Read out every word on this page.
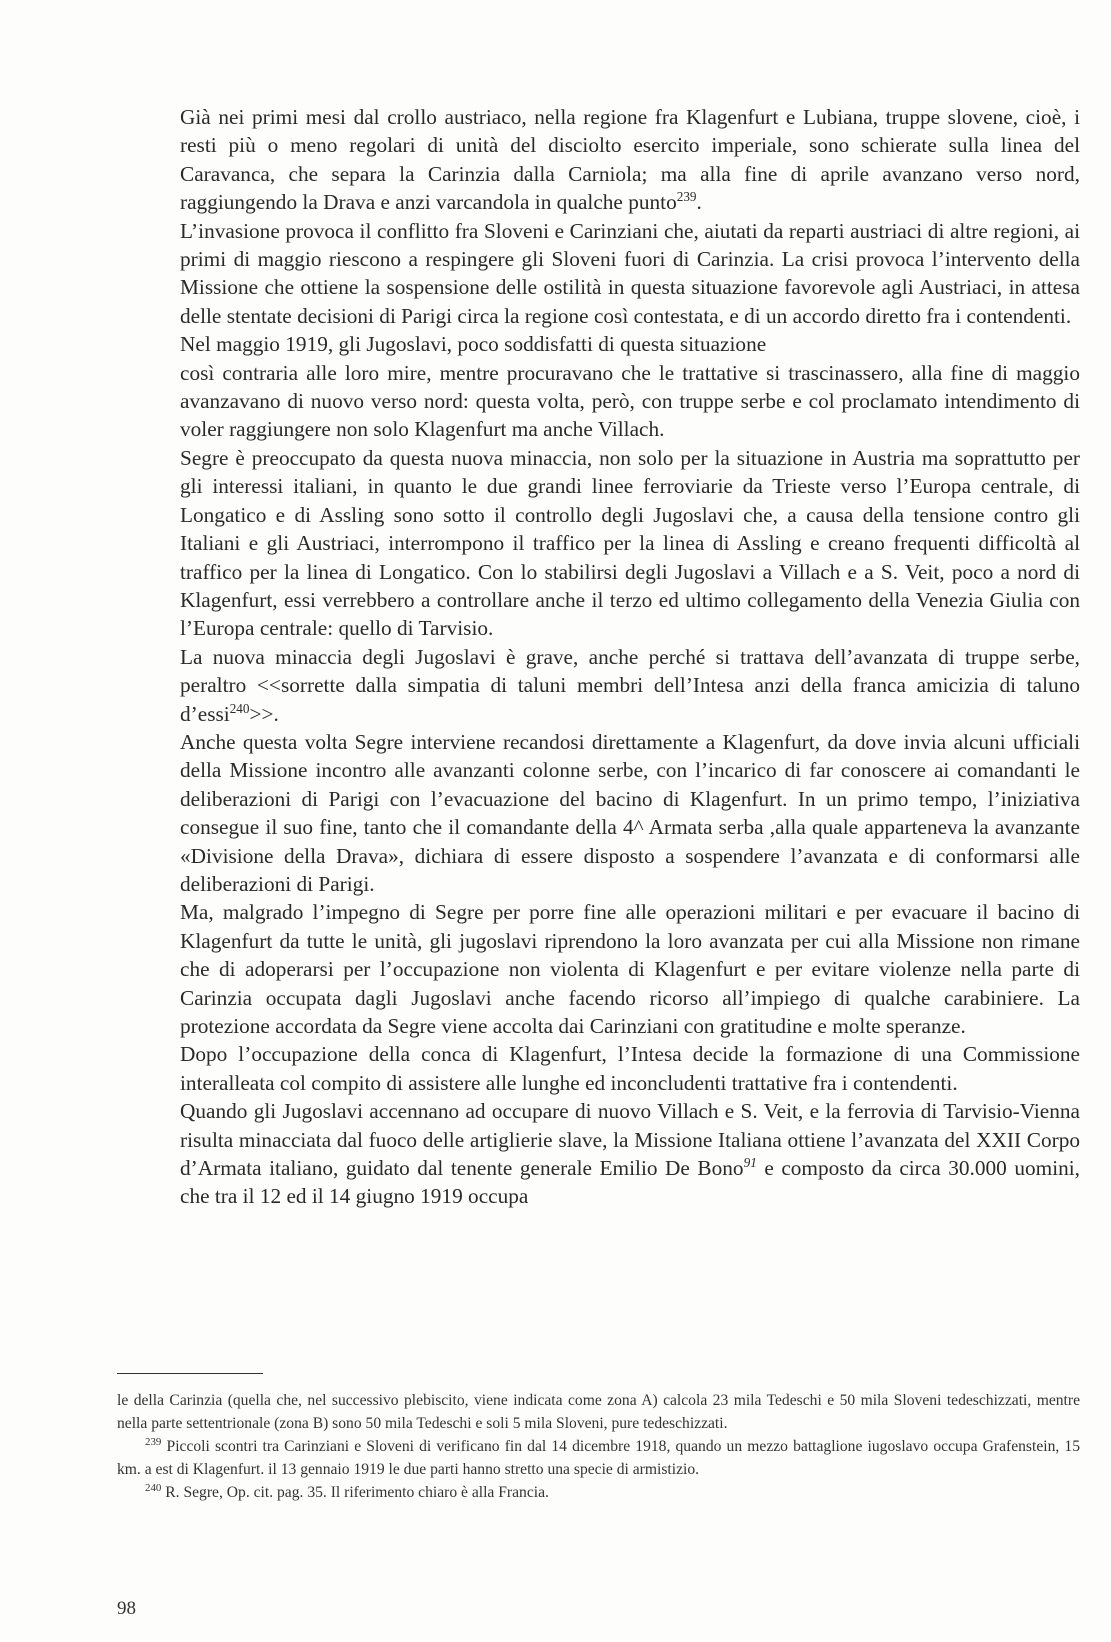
Già nei primi mesi dal crollo austriaco, nella regione fra Klagenfurt e Lubiana, truppe slovene, cioè, i resti più o meno regolari di unità del disciolto esercito imperiale, sono schierate sulla linea del Caravanca, che separa la Carinzia dalla Carniola; ma alla fine di aprile avanzano verso nord, raggiungendo la Drava e anzi varcandola in qualche punto$^{239}$.

L’invasione provoca il conflitto fra Sloveni e Carinziani che, aiutati da reparti austriaci di altre regioni, ai primi di maggio riescono a respingere gli Sloveni fuori di Carinzia. La crisi provoca l’intervento della Missione che ottiene la sospensione delle ostilità in questa situazione favorevole agli Austriaci, in attesa delle stentate decisioni di Parigi circa la regione così contestata, e di un accordo diretto fra i contendenti.

Nel maggio 1919, gli Jugoslavi, poco soddisfatti di questa situazione

così contraria alle loro mire, mentre procuravano che le trattative si trascinassero, alla fine di maggio avanzavano di nuovo verso nord: questa volta, però, con truppe serbe e col proclamato intendimento di voler raggiungere non solo Klagenfurt ma anche Villach.

Segre è preoccupato da questa nuova minaccia, non solo per la situazione in Austria ma soprattutto per gli interessi italiani, in quanto le due grandi linee ferroviarie da Trieste verso l’Europa centrale, di Longatico e di Assling sono sotto il controllo degli Jugoslavi che, a causa della tensione contro gli Italiani e gli Austriaci, interrompono il traffico per la linea di Assling e creano frequenti difficoltà al traffico per la linea di Longatico. Con lo stabilirsi degli Jugoslavi a Villach e a S. Veit, poco a nord di Klagenfurt, essi verrebbero a controllare anche il terzo ed ultimo collegamento della Venezia Giulia con l’Europa centrale: quello di Tarvisio.

La nuova minaccia degli Jugoslavi è grave, anche perché si trattava dell’avanzata di truppe serbe, peraltro <<sorrette dalla simpatia di taluni membri dell’Intesa anzi della franca amicizia di taluno d’essi$^{240}$>>.

Anche questa volta Segre interviene recandosi direttamente a Klagenfurt, da dove invia alcuni ufficiali della Missione incontro alle avanzanti colonne serbe, con l’incarico di far conoscere ai comandanti le deliberazioni di Parigi con l’evacuazione del bacino di Klagenfurt. In un primo tempo, l’iniziativa consegue il suo fine, tanto che il comandante della 4^ Armata serba ,alla quale apparteneva la avanzante «Divisione della Drava», dichiara di essere disposto a sospendere l’avanzata e di conformarsi alle deliberazioni di Parigi.

Ma, malgrado l’impegno di Segre per porre fine alle operazioni militari e per evacuare il bacino di Klagenfurt da tutte le unità, gli jugoslavi riprendono la loro avanzata per cui alla Missione non rimane che di adoperarsi per l’occupazione non violenta di Klagenfurt e per evitare violenze nella parte di Carinzia occupata dagli Jugoslavi anche facendo ricorso all’impiego di qualche carabiniere. La protezione accordata da Segre viene accolta dai Carinziani con gratitudine e molte speranze.

Dopo l’occupazione della conca di Klagenfurt, l’Intesa decide la formazione di una Commissione interalleata col compito di assistere alle lunghe ed inconcludenti trattative fra i contendenti.

Quando gli Jugoslavi accennano ad occupare di nuovo Villach e S. Veit, e la ferrovia di Tarvisio-Vienna risulta minacciata dal fuoco delle artiglierie slave, la Missione Italiana ottiene l’avanzata del XXII Corpo d’Armata italiano, guidato dal tenente generale Emilio De Bono$^{91}$ e composto da circa 30.000 uomini, che tra il 12 ed il 14 giugno 1919 occupa

le della Carinzia (quella che, nel successivo plebiscito, viene indicata come zona A) calcola 23 mila Tedeschi e 50 mila Sloveni tedeschizzati, mentre nella parte settentrionale (zona B) sono 50 mila Tedeschi e soli 5 mila Sloveni, pure tedeschizzati.

$^{239}$ Piccoli scontri tra Carinziani e Sloveni di verificano fin dal 14 dicembre 1918, quando un mezzo battaglione iugoslavo occupa Grafenstein, 15 km. a est di Klagenfurt. il 13 gennaio 1919 le due parti hanno stretto una specie di armistizio.

$^{240}$ R. Segre, Op. cit. pag. 35. Il riferimento chiaro è alla Francia.

98
